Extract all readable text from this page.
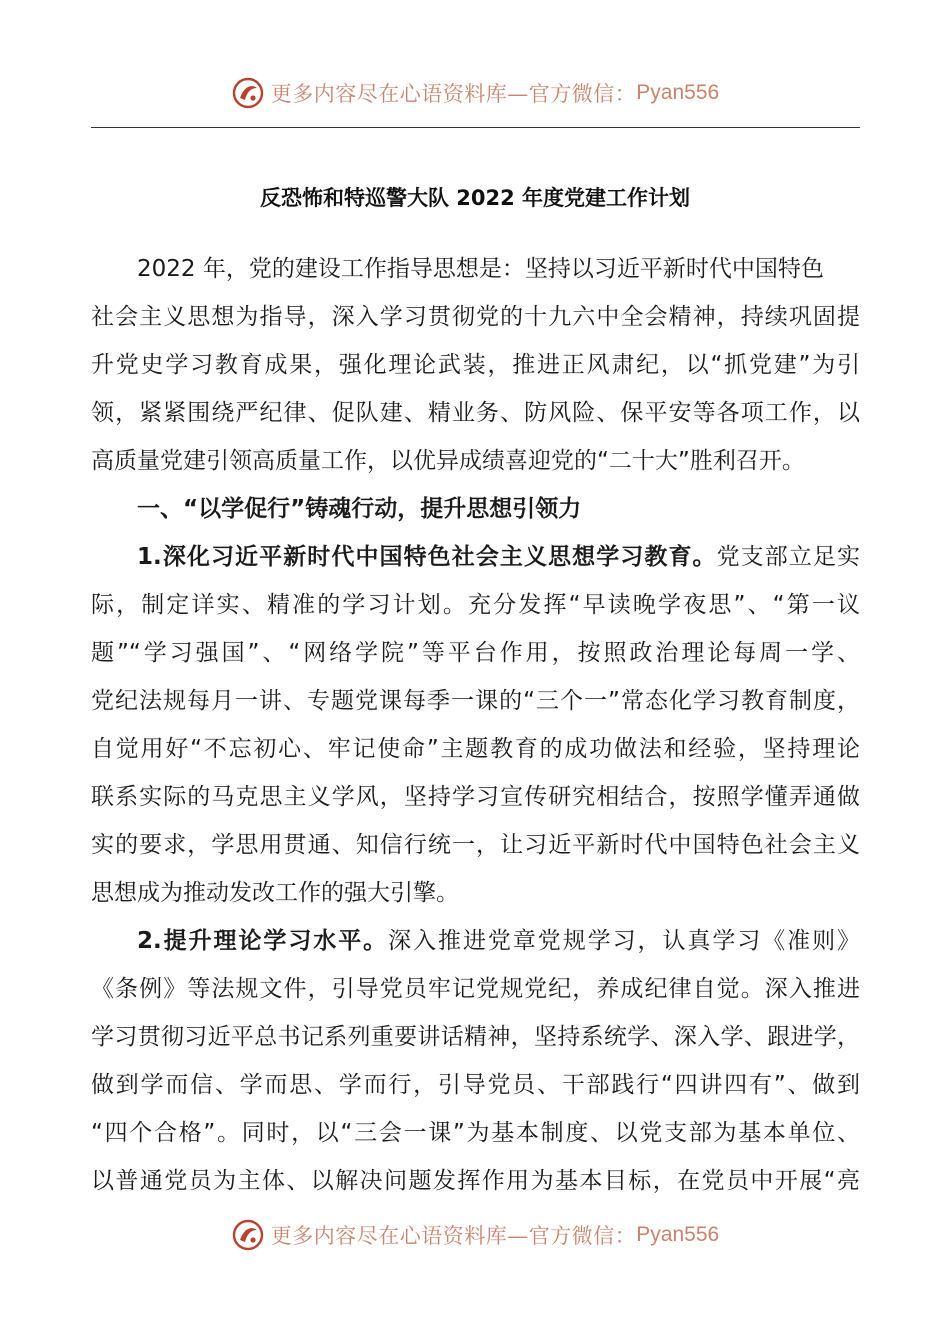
更多内容尽在心语资料库—官方微信： Pyan556
反恐怖和特巡警大队 2022 年度党建工作计划
2022 年，党的建设工作指导思想是：坚持以习近平新时代中国特色
社会主义思想为指导，深入学习贯彻党的十九六中全会精神，持续巩固提
升党史学习教育成果，强化理论武装，推进正风肃纪，以“抓党建”为引
领，紧紧围绕严纪律、促队建、精业务、防风险、保平安等各项工作，以
高质量党建引领高质量工作，以优异成绩喜迎党的“二十大”胜利召开。
一、“以学促行”铸魂行动，提升思想引领力
1.深化习近平新时代中国特色社会主义思想学习教育。党支部立足实
际，制定详实、精准的学习计划。充分发挥“早读晚学夜思”、“第一议
题”“学习强国”、“网络学院”等平台作用，按照政治理论每周一学、
党纪法规每月一讲、专题党课每季一课的“三个一”常态化学习教育制度，
自觉用好“不忘初心、牢记使命”主题教育的成功做法和经验，坚持理论
联系实际的马克思主义学风，坚持学习宣传研究相结合，按照学懂弄通做
实的要求，学思用贯通、知信行统一，让习近平新时代中国特色社会主义
思想成为推动发改工作的强大引擎。
2.提升理论学习水平。深入推进党章党规学习，认真学习《准则》
《条例》等法规文件，引导党员牢记党规党纪，养成纪律自觉。深入推进
学习贯彻习近平总书记系列重要讲话精神，坚持系统学、深入学、跟进学，
做到学而信、学而思、学而行，引导党员、干部践行“四讲四有”、做到
“四个合格”。同时，以“三会一课”为基本制度、以党支部为基本单位、
以普通党员为主体、以解决问题发挥作用为基本目标，在党员中开展“亮
更多内容尽在心语资料库—官方微信： Pyan556
